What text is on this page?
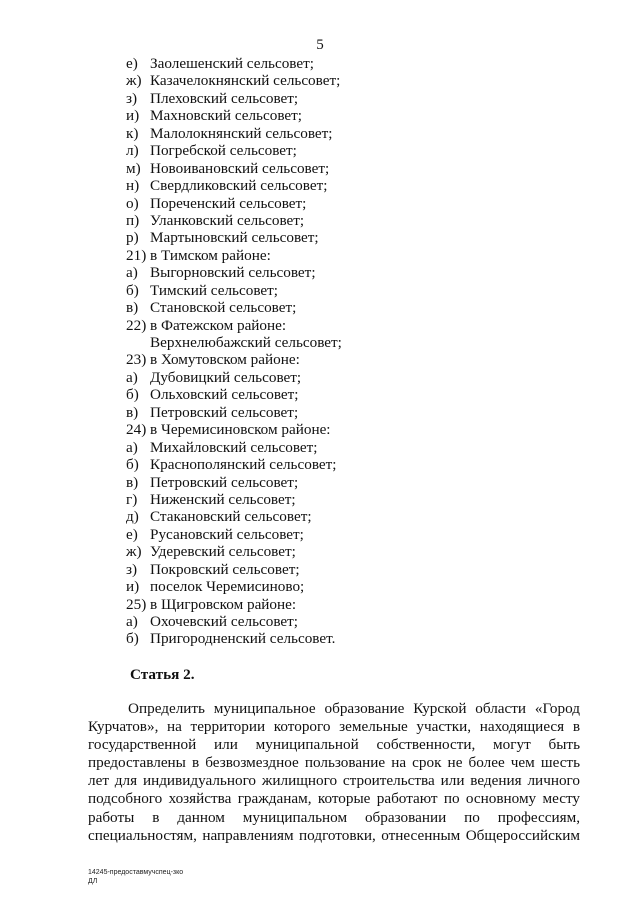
5
е) Заолешенский сельсовет;
ж) Казачелокнянский сельсовет;
з) Плеховский сельсовет;
и) Махновский сельсовет;
к) Малолокнянский сельсовет;
л) Погребской сельсовет;
м) Новоивановский сельсовет;
н) Свердликовский сельсовет;
о) Пореченский сельсовет;
п) Уланковский сельсовет;
р) Мартыновский сельсовет;
21) в Тимском районе:
а) Выгорновский сельсовет;
б) Тимский сельсовет;
в) Становской сельсовет;
22) в Фатежском районе:
Верхнелюбажский сельсовет;
23) в Хомутовском районе:
а) Дубовицкий сельсовет;
б) Ольховский сельсовет;
в) Петровский сельсовет;
24) в Черемисиновском районе:
а) Михайловский сельсовет;
б) Краснополянский сельсовет;
в) Петровский сельсовет;
г) Ниженский сельсовет;
д) Стакановский сельсовет;
е) Русановский сельсовет;
ж) Удеревский сельсовет;
з) Покровский сельсовет;
и) поселок Черемисиново;
25) в Щигровском районе:
а) Охочевский сельсовет;
б) Пригородненский сельсовет.
Статья 2.
Определить муниципальное образование Курской области «Город
Курчатов», на территории которого земельные участки, находящиеся в
государственной или муниципальной собственности, могут быть
предоставлены в безвозмездное пользование на срок не более чем шесть
лет для индивидуального жилищного строительства или ведения личного
подсобного хозяйства гражданам, которые работают по основному месту
работы в данном муниципальном образовании по профессиям,
специальностям, направлениям подготовки, отнесенным Общероссийским
14245-предоставмучспец-зко
ДЛ
